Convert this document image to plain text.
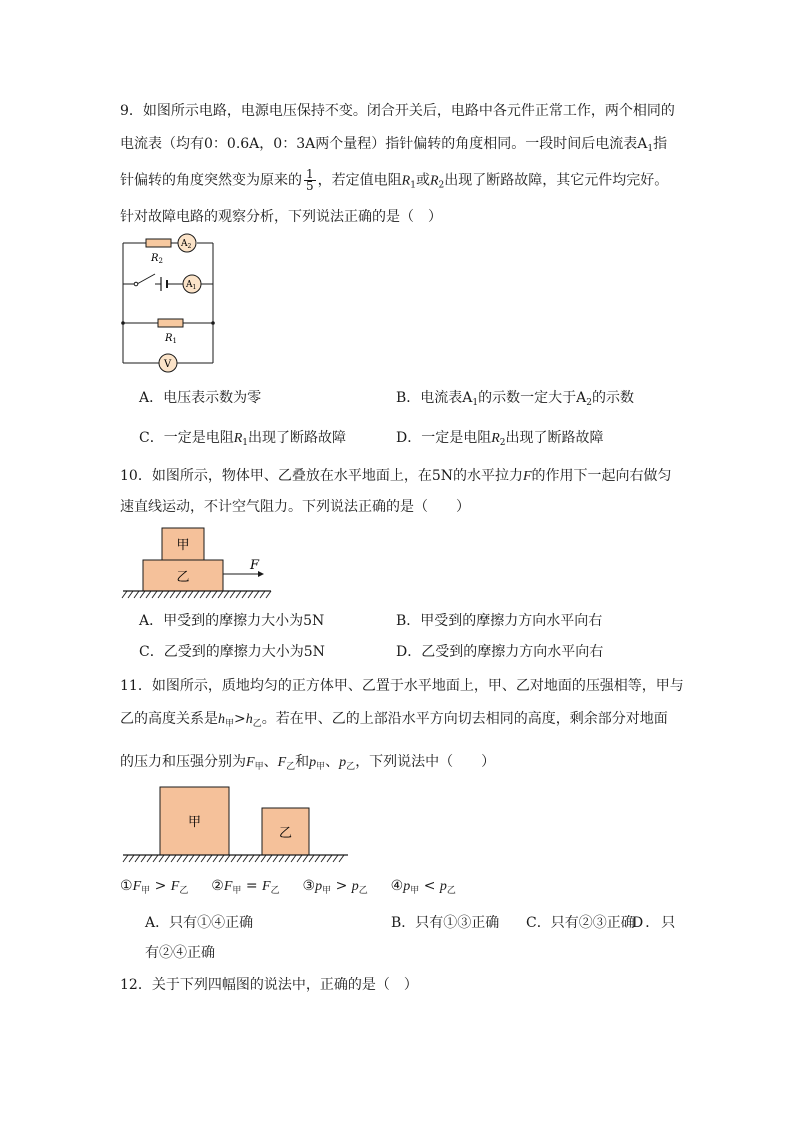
9．如图所示电路，电源电压保持不变。闭合开关后，电路中各元件正常工作，两个相同的
电流表（均有0：0.6A，0：3A两个量程）指针偏转的角度相同。一段时间后电流表$A_1$指
针偏转的角度突然变为原来的 $\frac{1}{5}$ ，若定值电阻$R_1$或$R_2$出现了断路故障，其它元件均完好。
针对故障电路的观察分析，下列说法正确的是（　）
$R_2$
$A_2$
$A_1$
$R_1$
V
A．电压表示数为零	B．电流表$A_1$的示数一定大于$A_2$的示数
C．一定是电阻$R_1$出现了断路故障	D．一定是电阻$R_2$出现了断路故障
10．如图所示，物体甲、乙叠放在水平地面上，在5N的水平拉力F的作用下一起向右做匀
速直线运动，不计空气阻力。下列说法正确的是（　　）
甲
乙
F
A．甲受到的摩擦力大小为5N	B．甲受到的摩擦力方向水平向右
C．乙受到的摩擦力大小为5N	D．乙受到的摩擦力方向水平向右
11．如图所示，质地均匀的正方体甲、乙置于水平地面上，甲、乙对地面的压强相等，甲与
乙的高度关系是$h_甲>h_乙$。若在甲、乙的上部沿水平方向切去相同的高度，剩余部分对地面
的压力和压强分别为$F_甲$、$F_乙$和$p_甲$、$p_乙$，下列说法中（　　）
甲
乙
$①F_甲 > F_乙$ $②F_甲 = F_乙$ $③p_甲 > p_乙$ $④p_甲 < p_乙$
A．只有①④正确	B．只有①③正确 C．只有②③正确
D．只
有②④正确
12．关于下列四幅图的说法中，正确的是（　）
